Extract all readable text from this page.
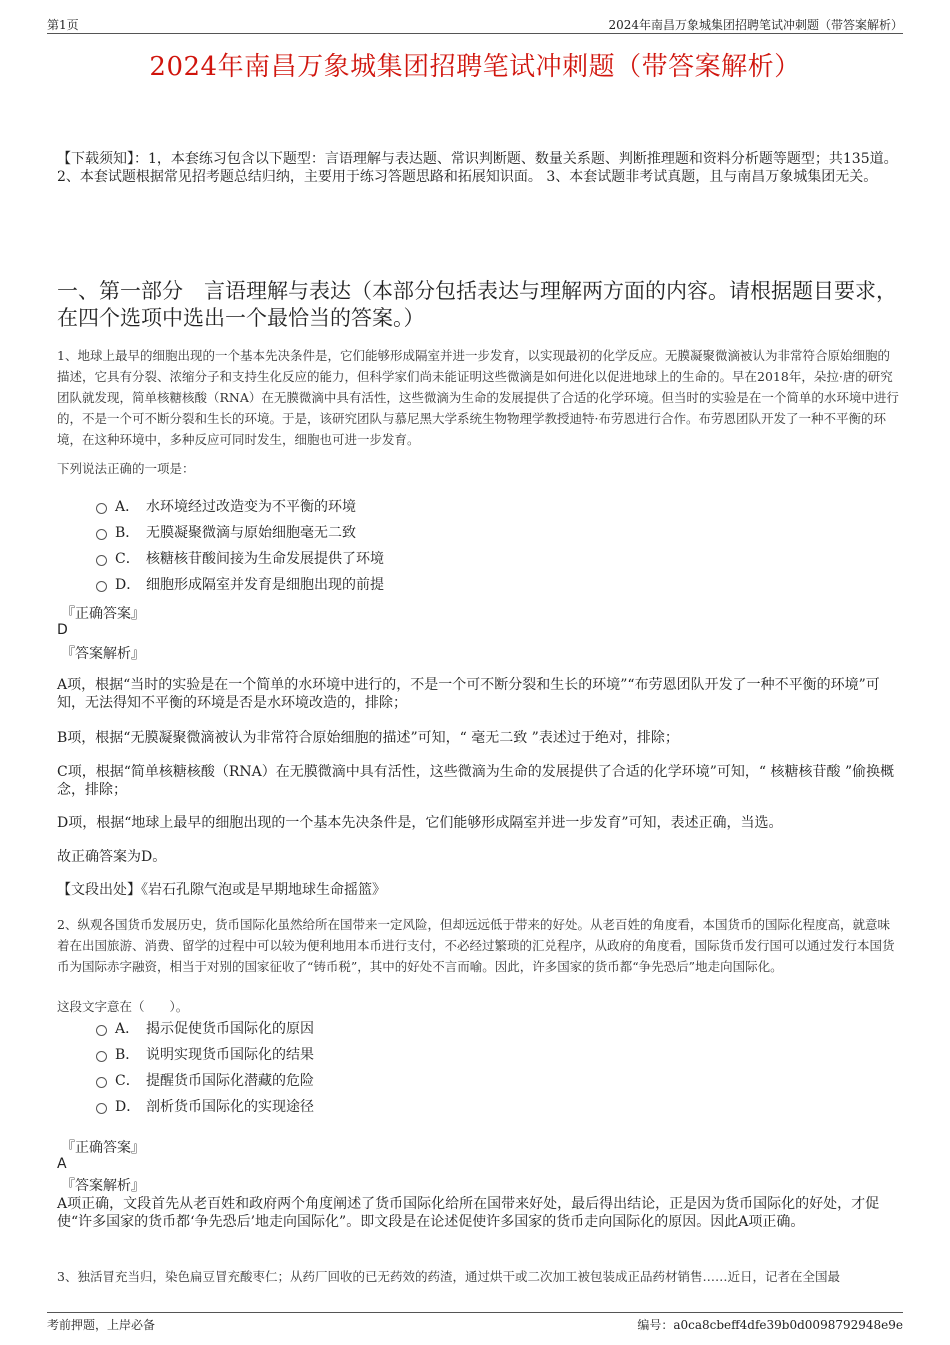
第1页	2024年南昌万象城集团招聘笔试冲刺题（带答案解析）
2024年南昌万象城集团招聘笔试冲刺题（带答案解析）
【下载须知】：1，本套练习包含以下题型：言语理解与表达题、常识判断题、数量关系题、判断推理题和资料分析题等题型；共135道。 2、本套试题根据常见招考题总结归纳，主要用于练习答题思路和拓展知识面。 3、本套试题非考试真题，且与南昌万象城集团无关。
一、第一部分　言语理解与表达（本部分包括表达与理解两方面的内容。请根据题目要求，在四个选项中选出一个最恰当的答案。）
1、地球上最早的细胞出现的一个基本先决条件是，它们能够形成隔室并进一步发育，以实现最初的化学反应。无膜凝聚微滴被认为非常符合原始细胞的描述，它具有分裂、浓缩分子和支持生化反应的能力，但科学家们尚未能证明这些微滴是如何进化以促进地球上的生命的。早在2018年，朵拉·唐的研究团队就发现，简单核糖核酸（RNA）在无膜微滴中具有活性，这些微滴为生命的发展提供了合适的化学环境。但当时的实验是在一个简单的水环境中进行的，不是一个可不断分裂和生长的环境。于是，该研究团队与慕尼黑大学系统生物物理学教授迪特·布劳恩进行合作。布劳恩团队开发了一种不平衡的环境，在这种环境中，多种反应可同时发生，细胞也可进一步发育。
下列说法正确的一项是：
A． 水环境经过改造变为不平衡的环境
B． 无膜凝聚微滴与原始细胞毫无二致
C． 核糖核苷酸间接为生命发展提供了环境
D． 细胞形成隔室并发育是细胞出现的前提
『正确答案』
D
『答案解析』
A项，根据“当时的实验是在一个简单的水环境中进行的，不是一个可不断分裂和生长的环境”“布劳恩团队开发了一种不平衡的环境”可知，无法得知不平衡的环境是否是水环境改造的，排除；
B项，根据“无膜凝聚微滴被认为非常符合原始细胞的描述”可知，“ 毫无二致 ”表述过于绝对，排除；
C项，根据“简单核糖核酸（RNA）在无膜微滴中具有活性，这些微滴为生命的发展提供了合适的化学环境”可知，“ 核糖核苷酸 ”偷换概念，排除；
D项，根据“地球上最早的细胞出现的一个基本先决条件是，它们能够形成隔室并进一步发育”可知，表述正确，当选。
故正确答案为D。
【文段出处】《岩石孔隙气泡或是早期地球生命摇篮》
2、纵观各国货币发展历史，货币国际化虽然给所在国带来一定风险，但却远远低于带来的好处。从老百姓的角度看，本国货币的国际化程度高，就意味着在出国旅游、消费、留学的过程中可以较为便利地用本币进行支付，不必经过繁琐的汇兑程序，从政府的角度看，国际货币发行国可以通过发行本国货币为国际赤字融资，相当于对别的国家征收了“铸币税”，其中的好处不言而喻。因此，许多国家的货币都“争先恐后”地走向国际化。
这段文字意在（　　）。
A． 揭示促使货币国际化的原因
B． 说明实现货币国际化的结果
C． 提醒货币国际化潜藏的危险
D． 剖析货币国际化的实现途径
『正确答案』
A
『答案解析』
A项正确，文段首先从老百姓和政府两个角度阐述了货币国际化给所在国带来好处，最后得出结论，正是因为货币国际化的好处，才促使“许多国家的货币都‘争先恐后’地走向国际化”。即文段是在论述促使许多国家的货币走向国际化的原因。因此A项正确。
3、独活冒充当归，染色扁豆冒充酸枣仁；从药厂回收的已无药效的药渣，通过烘干或二次加工被包装成正品药材销售……近日，记者在全国最
考前押题，上岸必备	编号：a0ca8cbeff4dfe39b0d0098792948e9e
